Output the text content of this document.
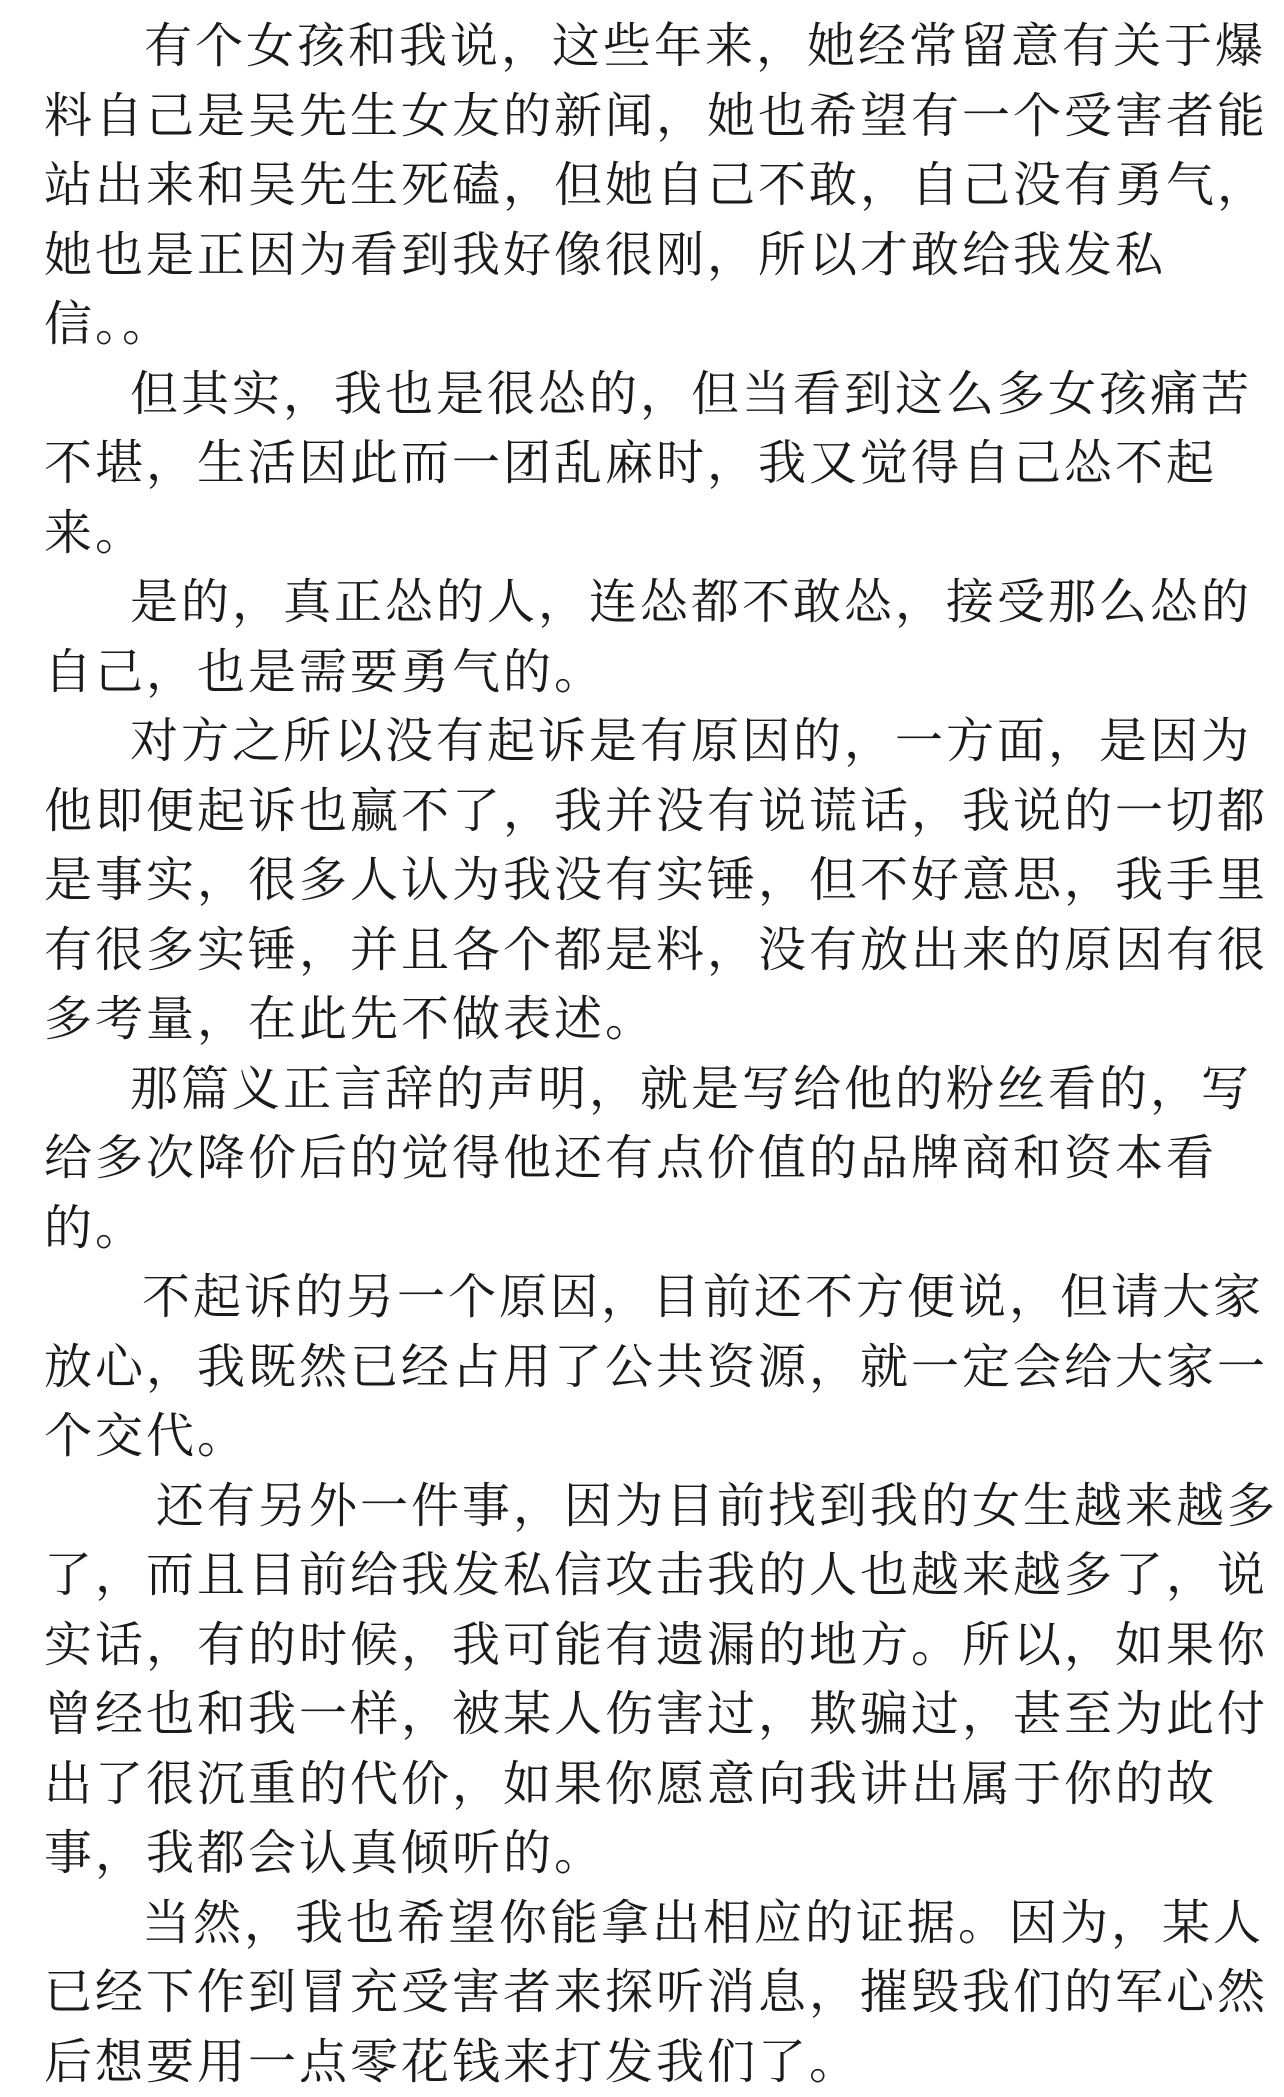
有个女孩和我说，这些年来，她经常留意有关于爆
料自己是吴先生女友的新闻，她也希望有一个受害者能
站出来和吴先生死磕，但她自己不敢，自己没有勇气，
她也是正因为看到我好像很刚，所以才敢给我发私
信。。

但其实，我也是很怂的，但当看到这么多女孩痛苦
不堪，生活因此而一团乱麻时，我又觉得自己怂不起
来。

是的，真正怂的人，连怂都不敢怂，接受那么怂的
自己，也是需要勇气的。

对方之所以没有起诉是有原因的，一方面，是因为
他即便起诉也赢不了，我并没有说谎话，我说的一切都
是事实，很多人认为我没有实锤，但不好意思，我手里
有很多实锤，并且各个都是料，没有放出来的原因有很
多考量，在此先不做表述。

那篇义正言辞的声明，就是写给他的粉丝看的，写
给多次降价后的觉得他还有点价值的品牌商和资本看
的。

不起诉的另一个原因，目前还不方便说，但请大家
放心，我既然已经占用了公共资源，就一定会给大家一
个交代。

还有另外一件事，因为目前找到我的女生越来越多
了，而且目前给我发私信攻击我的人也越来越多了，说
实话，有的时候，我可能有遗漏的地方。所以，如果你
曾经也和我一样，被某人伤害过，欺骗过，甚至为此付
出了很沉重的代价，如果你愿意向我讲出属于你的故
事，我都会认真倾听的。

当然，我也希望你能拿出相应的证据。因为，某人
已经下作到冒充受害者来探听消息，摧毁我们的军心然
后想要用一点零花钱来打发我们了。
